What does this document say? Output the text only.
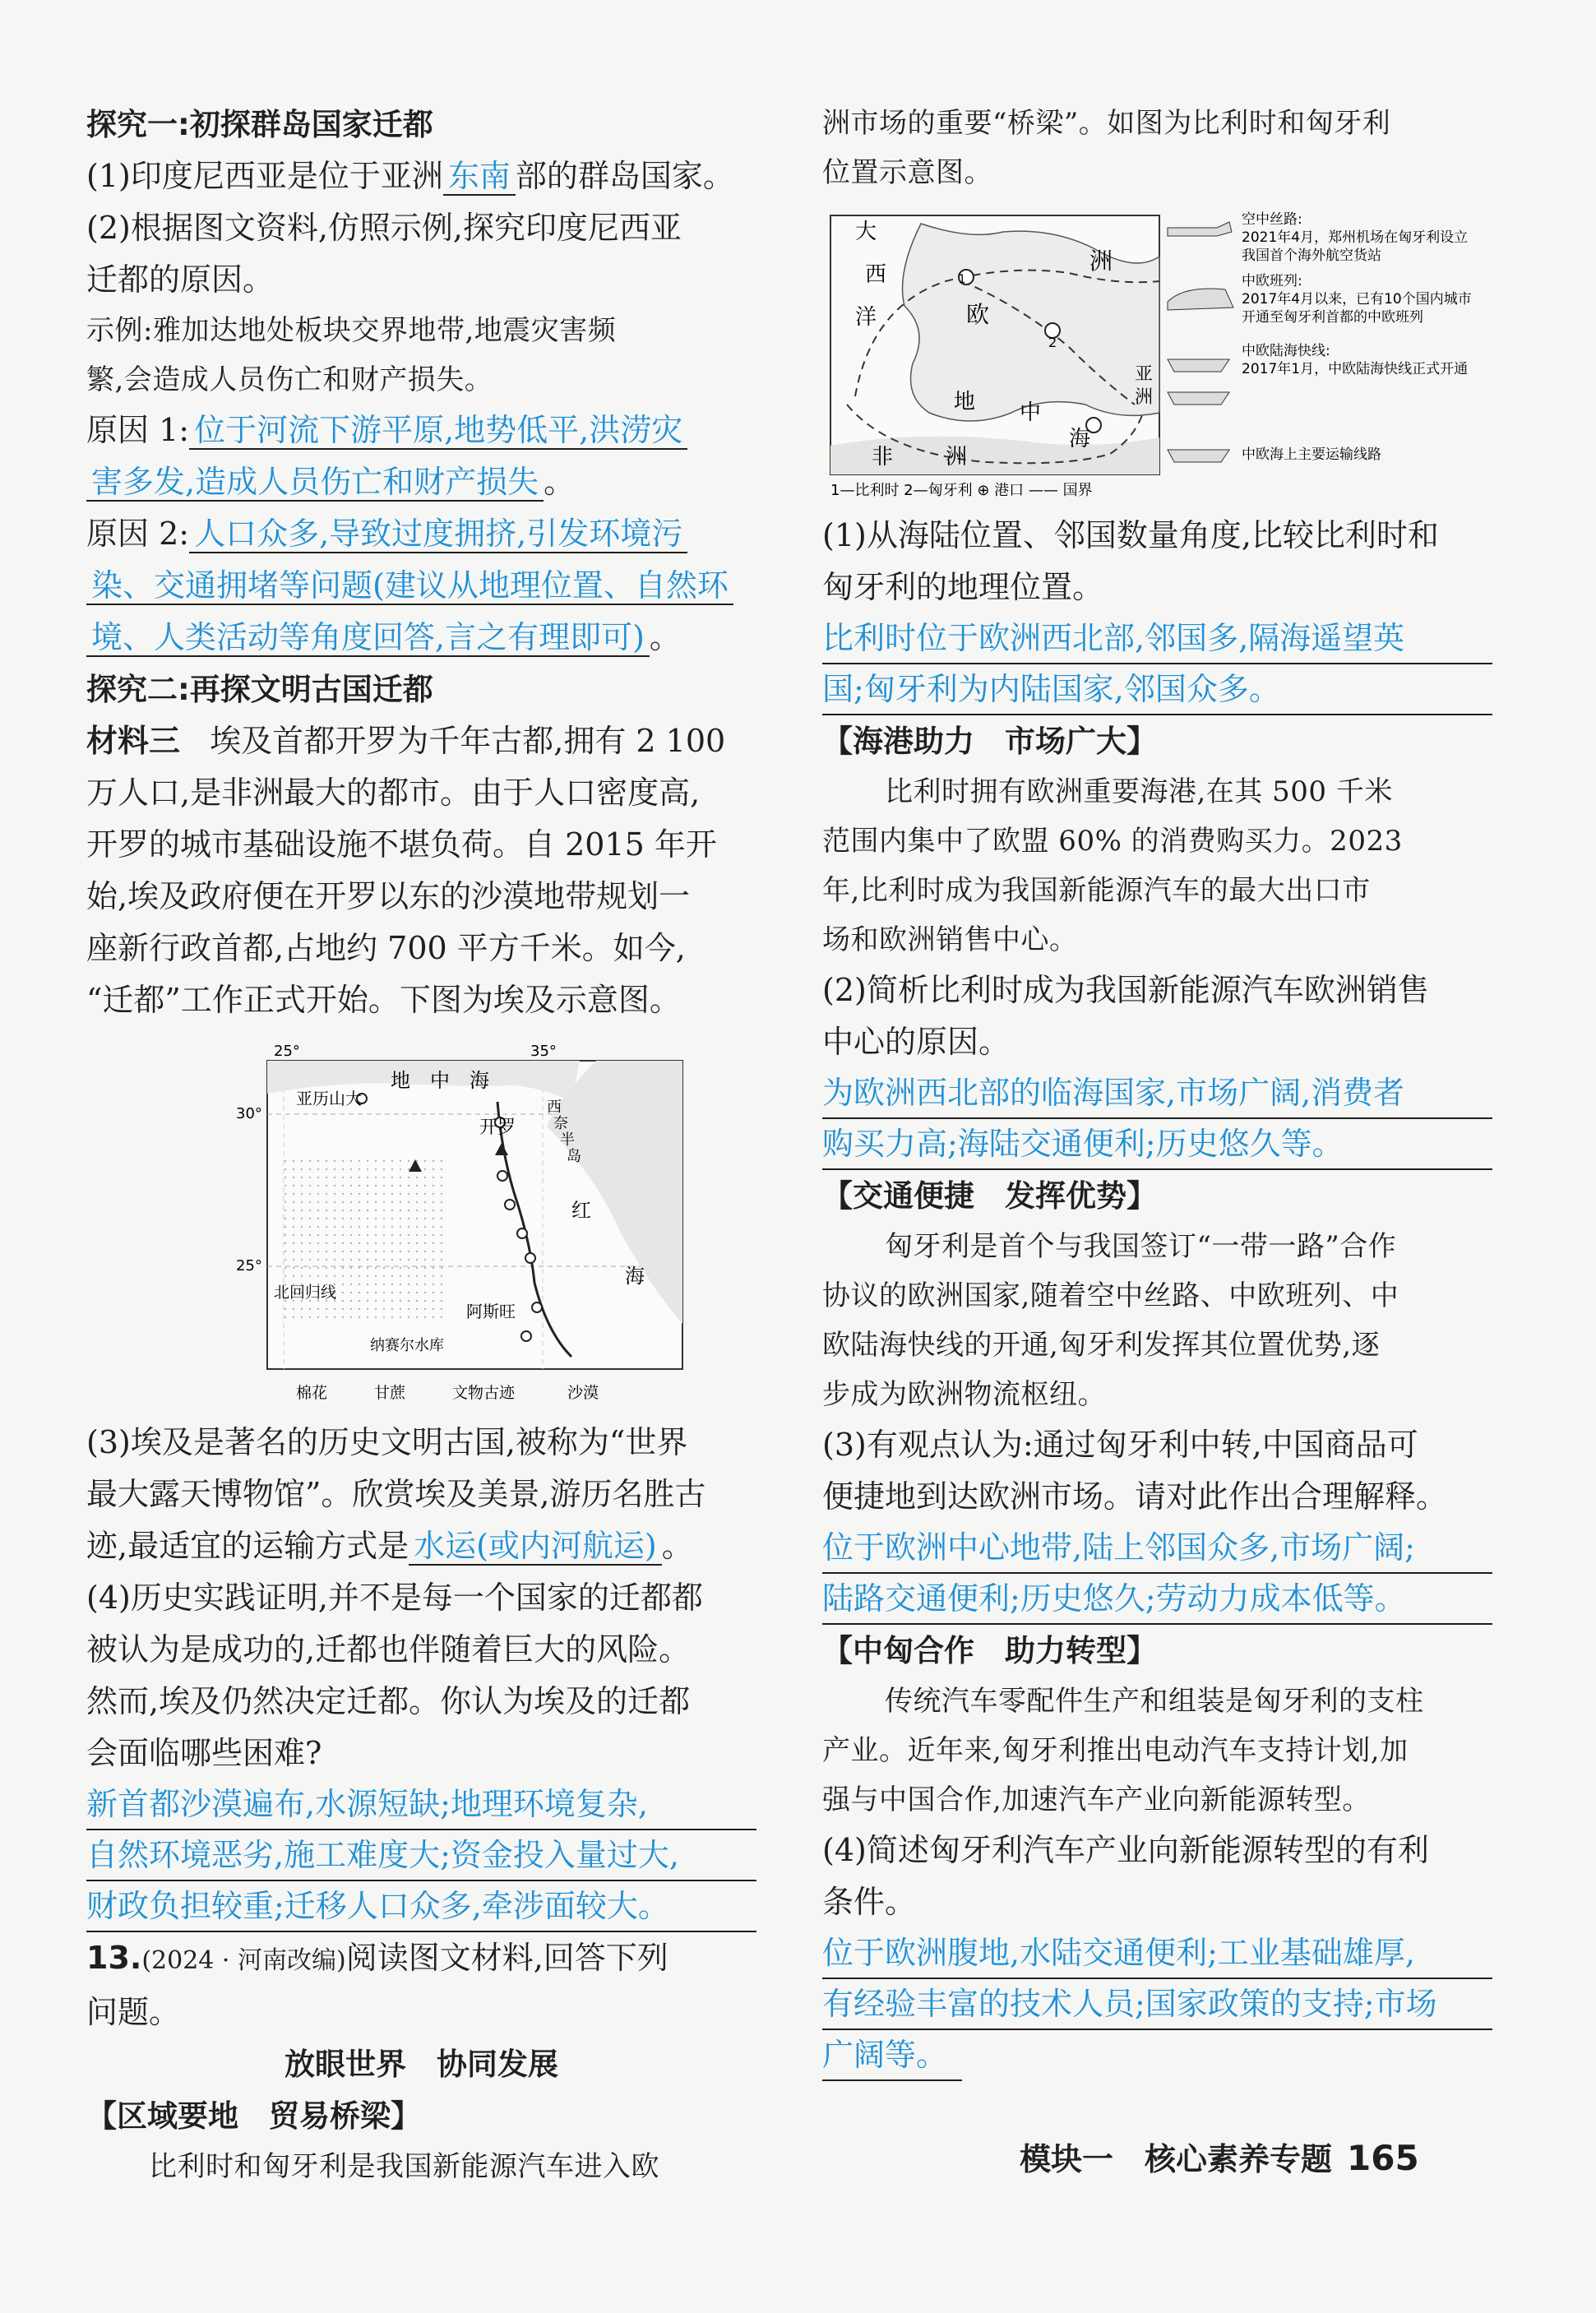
探究一:初探群岛国家迁都

(1)印度尼西亚是位于亚洲 东南 部的群岛国家。

(2)根据图文资料,仿照示例,探究印度尼西亚

迁都的原因。

示例:雅加达地处板块交界地带,地震灾害频

繁,会造成人员伤亡和财产损失。

原因 1: 位于河流下游平原,地势低平,洪涝灾

害多发,造成人员伤亡和财产损失 。

原因 2: 人口众多,导致过度拥挤,引发环境污

染、交通拥堵等问题(建议从地理位置、自然环

境、人类活动等角度回答,言之有理即可) 。

探究二:再探文明古国迁都

材料三 埃及首都开罗为千年古都,拥有 2 100

万人口,是非洲最大的都市。由于人口密度高,

开罗的城市基础设施不堪负荷。自 2015 年开

始,埃及政府便在开罗以东的沙漠地带规划一

座新行政首都,占地约 700 平方千米。如今,

“迁都”工作正式开始。下图为埃及示意图。

地　中　海
亚历山大
开罗
西
奈
半
岛
红
海
北回归线
阿斯旺
纳赛尔水库
25°	35°
30°
25°
棉花	甘蔗	文物古迹	沙漠

(3)埃及是著名的历史文明古国,被称为“世界

最大露天博物馆”。欣赏埃及美景,游历名胜古

迹,最适宜的运输方式是 水运(或内河航运) 。

(4)历史实践证明,并不是每一个国家的迁都都

被认为是成功的,迁都也伴随着巨大的风险。

然而,埃及仍然决定迁都。你认为埃及的迁都

会面临哪些困难?

新首都沙漠遍布,水源短缺;地理环境复杂,
自然环境恶劣,施工难度大;资金投入量过大,
财政负担较重;迁移人口众多,牵涉面较大。

13.(2024 · 河南改编)阅读图文材料,回答下列

问题。

放眼世界　协同发展

【区域要地　贸易桥梁】

比利时和匈牙利是我国新能源汽车进入欧

洲市场的重要“桥梁”。如图为比利时和匈牙利

位置示意图。

1
2
大
西
洋	欧
洲
亚
洲
地 中
海
非 洲
1—比利时 2—匈牙利 ⊕ 港口 —— 国界
空中丝路:
2021年4月，郑州机场在匈牙利设立
我国首个海外航空货站
中欧班列:
2017年4月以来，已有10个国内城市
开通至匈牙利首都的中欧班列
中欧陆海快线:
2017年1月，中欧陆海快线正式开通
中欧海上主要运输线路

(1)从海陆位置、邻国数量角度,比较比利时和

匈牙利的地理位置。

比利时位于欧洲西北部,邻国多,隔海遥望英
国;匈牙利为内陆国家,邻国众多。

【海港助力　市场广大】

比利时拥有欧洲重要海港,在其 500 千米

范围内集中了欧盟 60% 的消费购买力。2023

年,比利时成为我国新能源汽车的最大出口市

场和欧洲销售中心。

(2)简析比利时成为我国新能源汽车欧洲销售

中心的原因。

为欧洲西北部的临海国家,市场广阔,消费者
购买力高;海陆交通便利;历史悠久等。

【交通便捷　发挥优势】

匈牙利是首个与我国签订“一带一路”合作

协议的欧洲国家,随着空中丝路、中欧班列、中

欧陆海快线的开通,匈牙利发挥其位置优势,逐

步成为欧洲物流枢纽。

(3)有观点认为:通过匈牙利中转,中国商品可

便捷地到达欧洲市场。请对此作出合理解释。

位于欧洲中心地带,陆上邻国众多,市场广阔;
陆路交通便利;历史悠久;劳动力成本低等。

【中匈合作　助力转型】

传统汽车零配件生产和组装是匈牙利的支柱

产业。近年来,匈牙利推出电动汽车支持计划,加

强与中国合作,加速汽车产业向新能源转型。

(4)简述匈牙利汽车产业向新能源转型的有利

条件。

位于欧洲腹地,水陆交通便利;工业基础雄厚,
有经验丰富的技术人员;国家政策的支持;市场
广阔等。
模块一　核心素养专题 165
